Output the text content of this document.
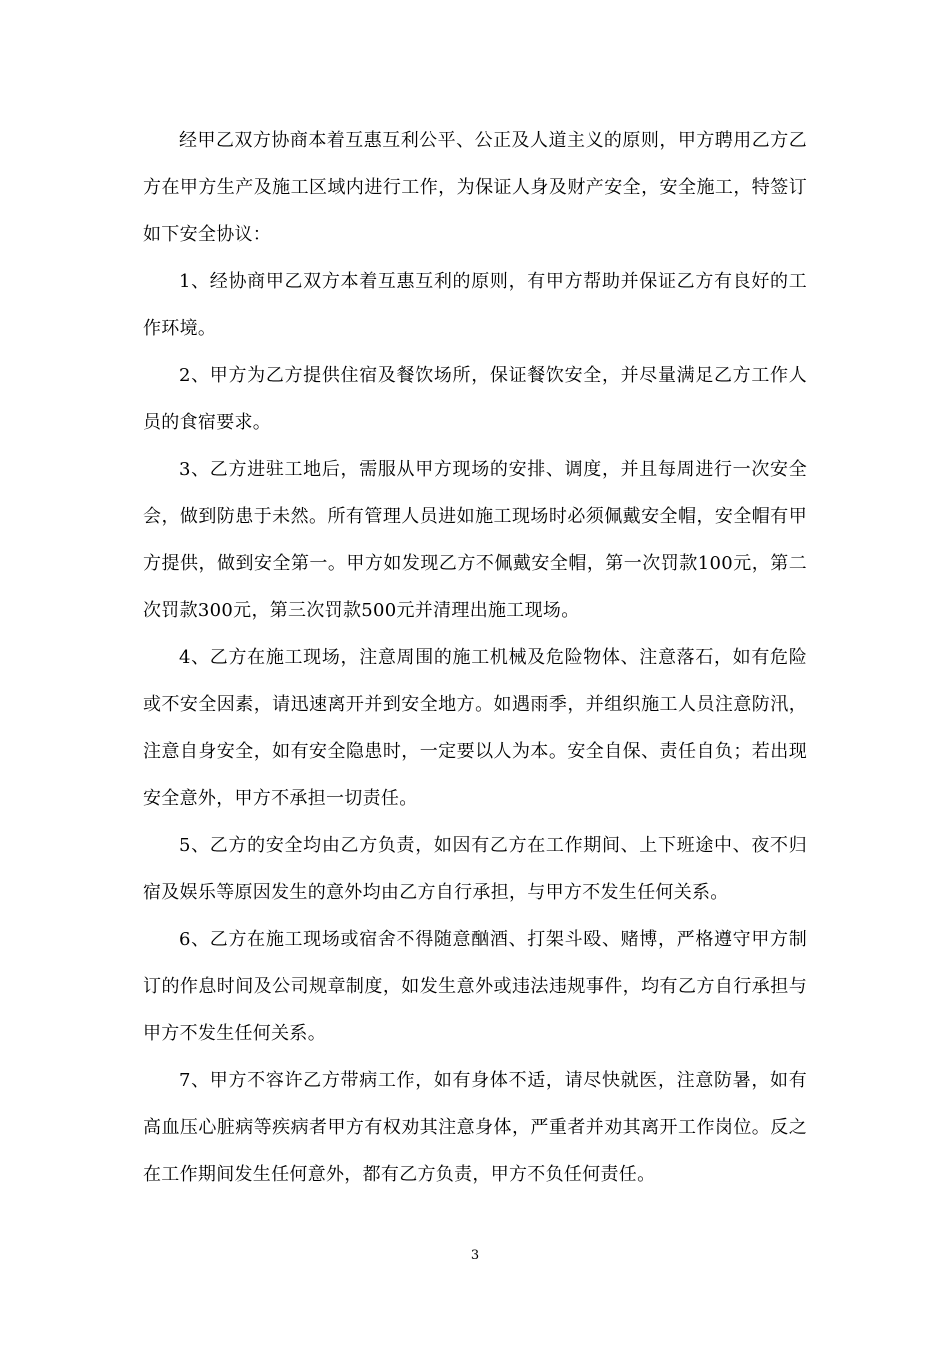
经甲乙双方协商本着互惠互利公平、公正及人道主义的原则，甲方聘用乙方乙方在甲方生产及施工区域内进行工作，为保证人身及财产安全，安全施工，特签订如下安全协议：

1、经协商甲乙双方本着互惠互利的原则，有甲方帮助并保证乙方有良好的工作环境。

2、甲方为乙方提供住宿及餐饮场所，保证餐饮安全，并尽量满足乙方工作人员的食宿要求。

3、乙方进驻工地后，需服从甲方现场的安排、调度，并且每周进行一次安全会，做到防患于未然。所有管理人员进如施工现场时必须佩戴安全帽，安全帽有甲方提供，做到安全第一。甲方如发现乙方不佩戴安全帽，第一次罚款100元，第二次罚款300元，第三次罚款500元并清理出施工现场。

4、乙方在施工现场，注意周围的施工机械及危险物体、注意落石，如有危险或不安全因素，请迅速离开并到安全地方。如遇雨季，并组织施工人员注意防汛，注意自身安全，如有安全隐患时，一定要以人为本。安全自保、责任自负；若出现安全意外，甲方不承担一切责任。

5、乙方的安全均由乙方负责，如因有乙方在工作期间、上下班途中、夜不归宿及娱乐等原因发生的意外均由乙方自行承担，与甲方不发生任何关系。

6、乙方在施工现场或宿舍不得随意酗酒、打架斗殴、赌博，严格遵守甲方制订的作息时间及公司规章制度，如发生意外或违法违规事件，均有乙方自行承担与甲方不发生任何关系。

7、甲方不容许乙方带病工作，如有身体不适，请尽快就医，注意防暑，如有高血压心脏病等疾病者甲方有权劝其注意身体，严重者并劝其离开工作岗位。反之在工作期间发生任何意外，都有乙方负责，甲方不负任何责任。

3
